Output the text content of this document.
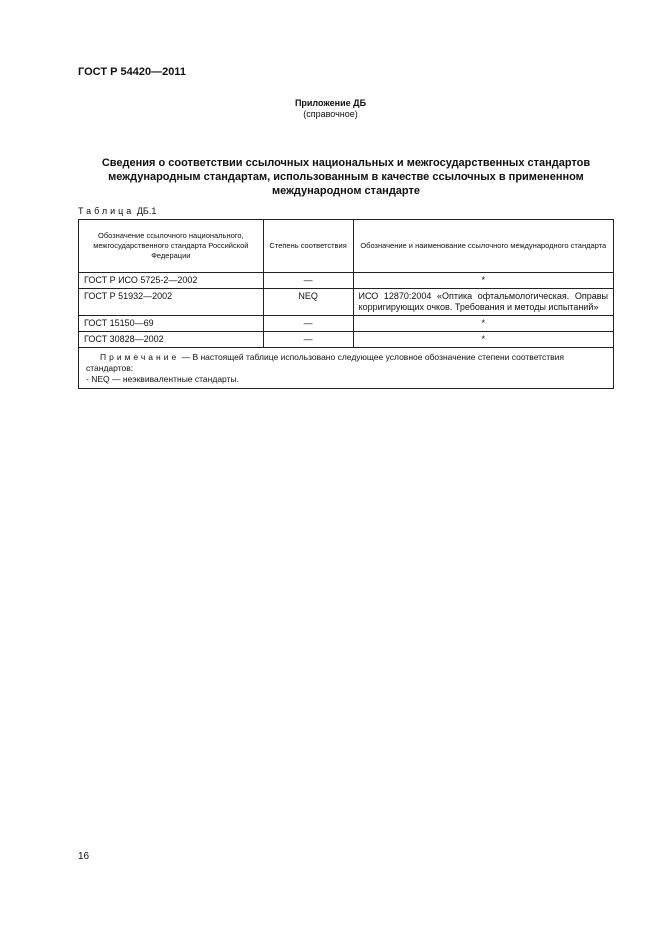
ГОСТ Р 54420—2011
Приложение ДБ
(справочное)
Сведения о соответствии ссылочных национальных и межгосударственных стандартов международным стандартам, использованным в качестве ссылочных в примененном международном стандарте
Таблица ДБ.1
Обозначение ссылочного национального, межгосударственного стандарта Российской Федерации	Степень соответствия	Обозначение и наименование ссылочного международного стандарта
ГОСТ Р ИСО 5725-2—2002	—	*
ГОСТ Р 51932—2002	NEQ	ИСО 12870:2004 «Оптика офтальмологическая. Оправы корригирующих очков. Требования и методы испытаний»
ГОСТ 15150—69	—	*
ГОСТ 30828—2002	—	*

Примечание — В настоящей таблице использовано следующее условное обозначение степени соответствия стандартов:
- NEQ — неэквивалентные стандарты.		
16
